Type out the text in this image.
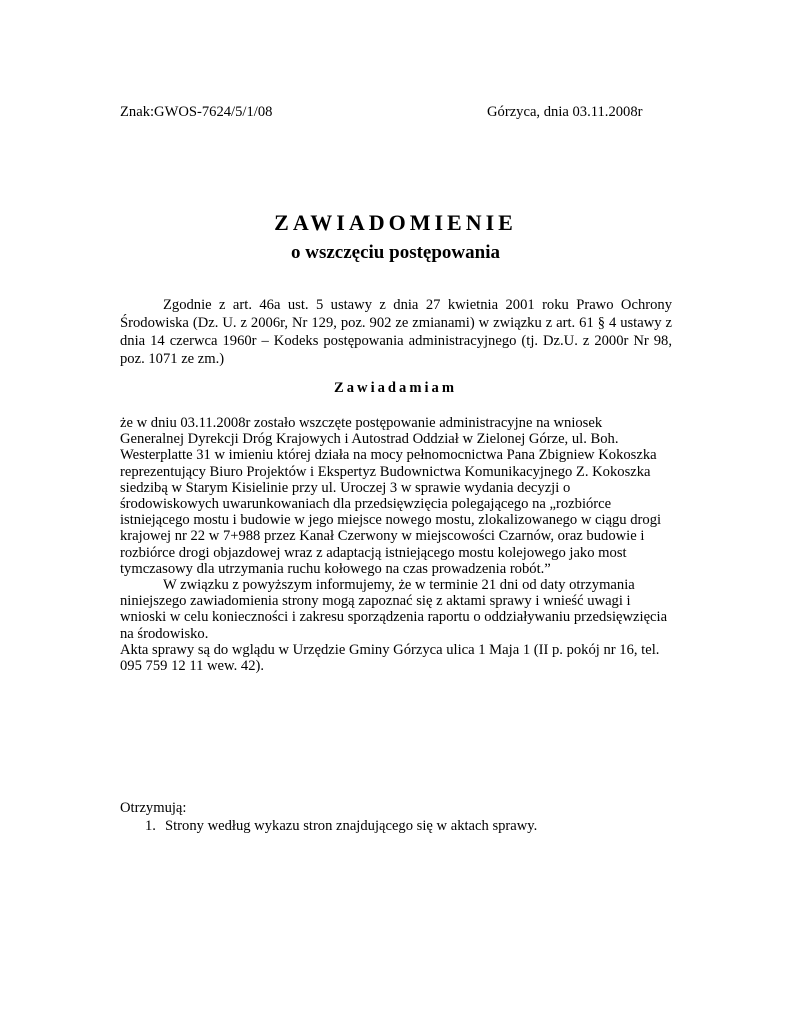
Znak:GWOS-7624/5/1/08	Górzyca, dnia 03.11.2008r
ZAWIADOMIENIE
o wszczęciu postępowania
Zgodnie z art. 46a ust. 5 ustawy z dnia 27 kwietnia 2001 roku Prawo Ochrony
Środowiska (Dz. U. z 2006r, Nr 129, poz. 902 ze zmianami) w związku z art. 61 § 4 ustawy z
dnia 14 czerwca 1960r – Kodeks postępowania administracyjnego (tj. Dz.U. z 2000r Nr 98,
poz. 1071 ze zm.)
Zawiadamiam
że w dniu 03.11.2008r zostało wszczęte postępowanie administracyjne na wniosek
Generalnej Dyrekcji Dróg Krajowych i Autostrad Oddział w Zielonej Górze, ul. Boh.
Westerplatte 31 w imieniu której działa na mocy pełnomocnictwa Pana Zbigniew Kokoszka
reprezentujący Biuro Projektów i Ekspertyz Budownictwa Komunikacyjnego Z. Kokoszka
siedzibą w Starym Kisielinie przy ul. Uroczej 3 w sprawie wydania decyzji o
środowiskowych uwarunkowaniach dla przedsięwzięcia polegającego na „rozbiórce
istniejącego mostu i budowie w jego miejsce nowego mostu, zlokalizowanego w ciągu drogi
krajowej nr 22 w 7+988 przez Kanał Czerwony w miejscowości Czarnów, oraz budowie i
rozbiórce drogi objazdowej wraz z adaptacją istniejącego mostu kolejowego jako most
tymczasowy dla utrzymania ruchu kołowego na czas prowadzenia robót.”
W związku z powyższym informujemy, że w terminie 21 dni od daty otrzymania
niniejszego zawiadomienia strony mogą zapoznać się z aktami sprawy i wnieść uwagi i
wnioski w celu konieczności i zakresu sporządzenia raportu o oddziaływaniu przedsięwzięcia
na środowisko.
Akta sprawy są do wglądu w Urzędzie Gminy Górzyca ulica 1 Maja 1 (II p. pokój nr 16, tel.
095 759 12 11 wew. 42).
Otrzymują:
1. Strony według wykazu stron znajdującego się w aktach sprawy.
